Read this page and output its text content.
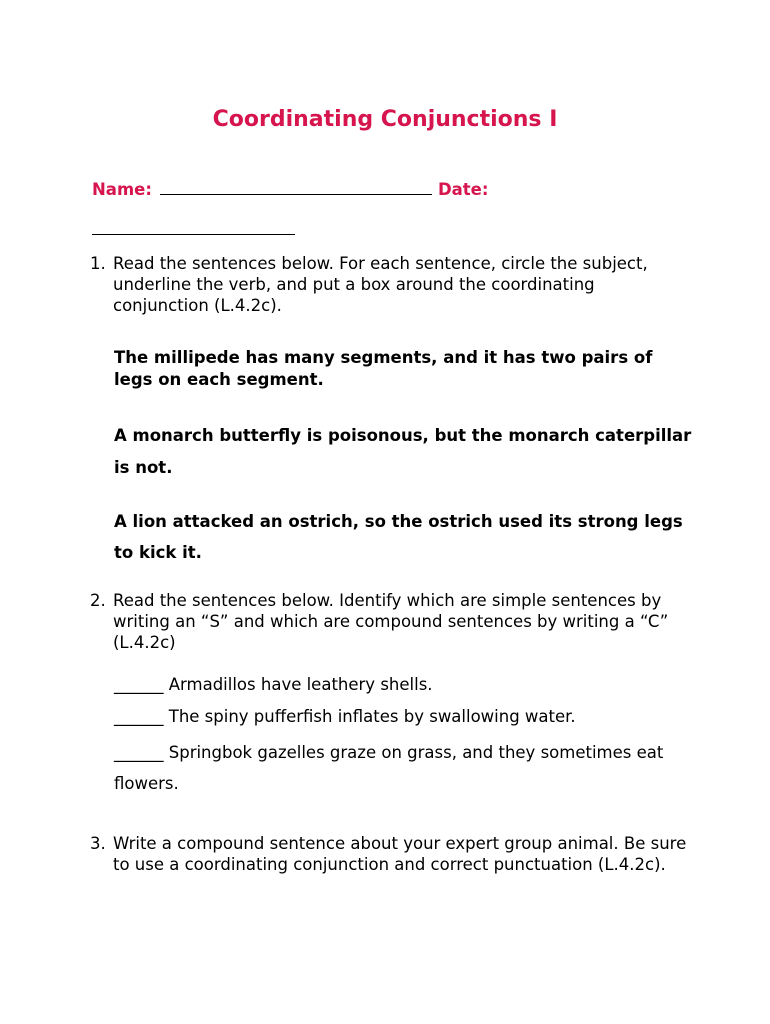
Coordinating Conjunctions I
Name:	Date:
1. Read the sentences below. For each sentence, circle the subject, underline the verb, and put a box around the coordinating conjunction (L.4.2c).
The millipede has many segments, and it has two pairs of legs on each segment.
A monarch butterfly is poisonous, but the monarch caterpillar is not.
A lion attacked an ostrich, so the ostrich used its strong legs to kick it.
2. Read the sentences below. Identify which are simple sentences by writing an “S” and which are compound sentences by writing a “C” (L.4.2c)
______ Armadillos have leathery shells.
______ The spiny pufferfish inflates by swallowing water.
______ Springbok gazelles graze on grass, and they sometimes eat flowers.
3. Write a compound sentence about your expert group animal. Be sure to use a coordinating conjunction and correct punctuation (L.4.2c).
